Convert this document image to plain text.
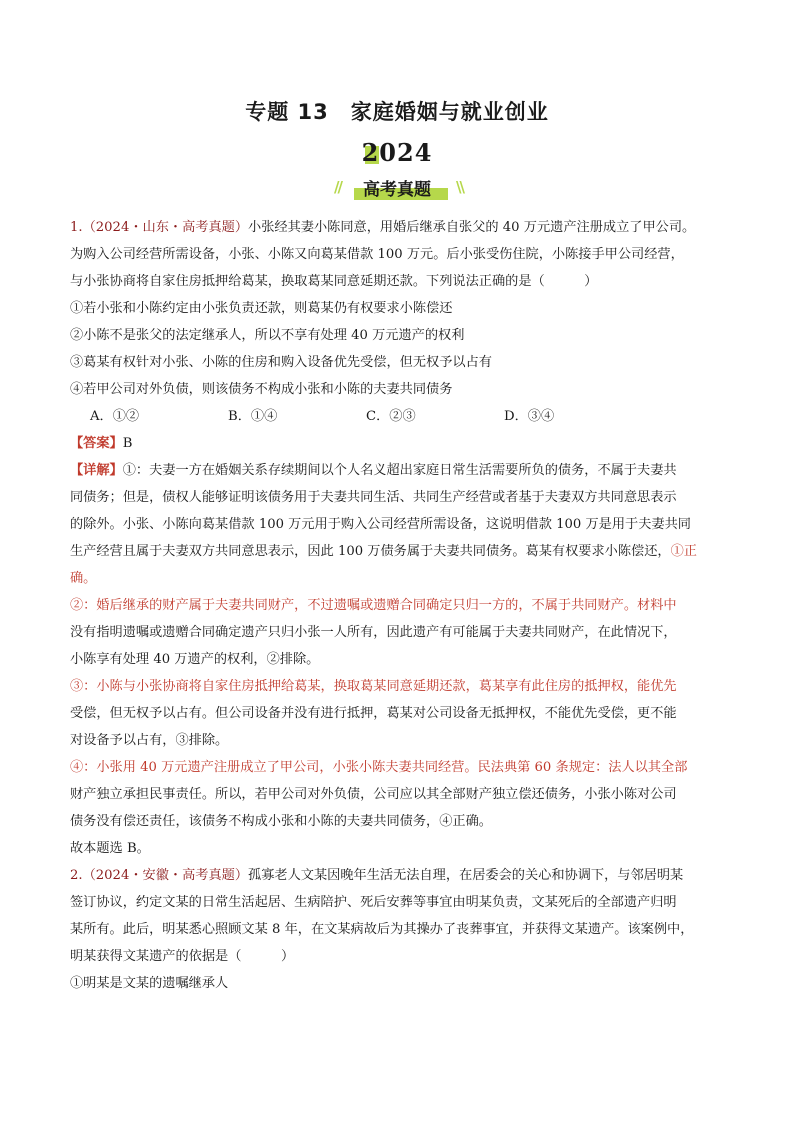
专题 13　家庭婚姻与就业创业
2024
//	\\
高考真题

1.（2024・山东・高考真题）小张经其妻小陈同意，用婚后继承自张父的 40 万元遗产注册成立了甲公司。

为购入公司经营所需设备，小张、小陈又向葛某借款 100 万元。后小张受伤住院，小陈接手甲公司经营，

与小张协商将自家住房抵押给葛某，换取葛某同意延期还款。下列说法正确的是（　　　）

①若小张和小陈约定由小张负责还款，则葛某仍有权要求小陈偿还

②小陈不是张父的法定继承人，所以不享有处理 40 万元遗产的权利

③葛某有权针对小张、小陈的住房和购入设备优先受偿，但无权予以占有

④若甲公司对外负债，则该债务不构成小张和小陈的夫妻共同债务

A．①②	B．①④	C．②③	D．③④

【答案】B

【详解】①：夫妻一方在婚姻关系存续期间以个人名义超出家庭日常生活需要所负的债务，不属于夫妻共

同债务；但是，债权人能够证明该债务用于夫妻共同生活、共同生产经营或者基于夫妻双方共同意思表示

的除外。小张、小陈向葛某借款 100 万元用于购入公司经营所需设备，这说明借款 100 万是用于夫妻共同

生产经营且属于夫妻双方共同意思表示，因此 100 万债务属于夫妻共同债务。葛某有权要求小陈偿还，①正

确。

②：婚后继承的财产属于夫妻共同财产，不过遗嘱或遗赠合同确定只归一方的，不属于共同财产。材料中

没有指明遗嘱或遗赠合同确定遗产只归小张一人所有，因此遗产有可能属于夫妻共同财产，在此情况下，

小陈享有处理 40 万遗产的权利，②排除。

③：小陈与小张协商将自家住房抵押给葛某，换取葛某同意延期还款，葛某享有此住房的抵押权，能优先

受偿，但无权予以占有。但公司设备并没有进行抵押，葛某对公司设备无抵押权，不能优先受偿，更不能

对设备予以占有，③排除。

④：小张用 40 万元遗产注册成立了甲公司，小张小陈夫妻共同经营。民法典第 60 条规定：法人以其全部

财产独立承担民事责任。所以，若甲公司对外负债，公司应以其全部财产独立偿还债务，小张小陈对公司

债务没有偿还责任，该债务不构成小张和小陈的夫妻共同债务，④正确。

故本题选 B。

2.（2024・安徽・高考真题）孤寡老人文某因晚年生活无法自理，在居委会的关心和协调下，与邻居明某

签订协议，约定文某的日常生活起居、生病陪护、死后安葬等事宜由明某负责，文某死后的全部遗产归明

某所有。此后，明某悉心照顾文某 8 年，在文某病故后为其操办了丧葬事宜，并获得文某遗产。该案例中，

明某获得文某遗产的依据是（　　　）

①明某是文某的遗嘱继承人
